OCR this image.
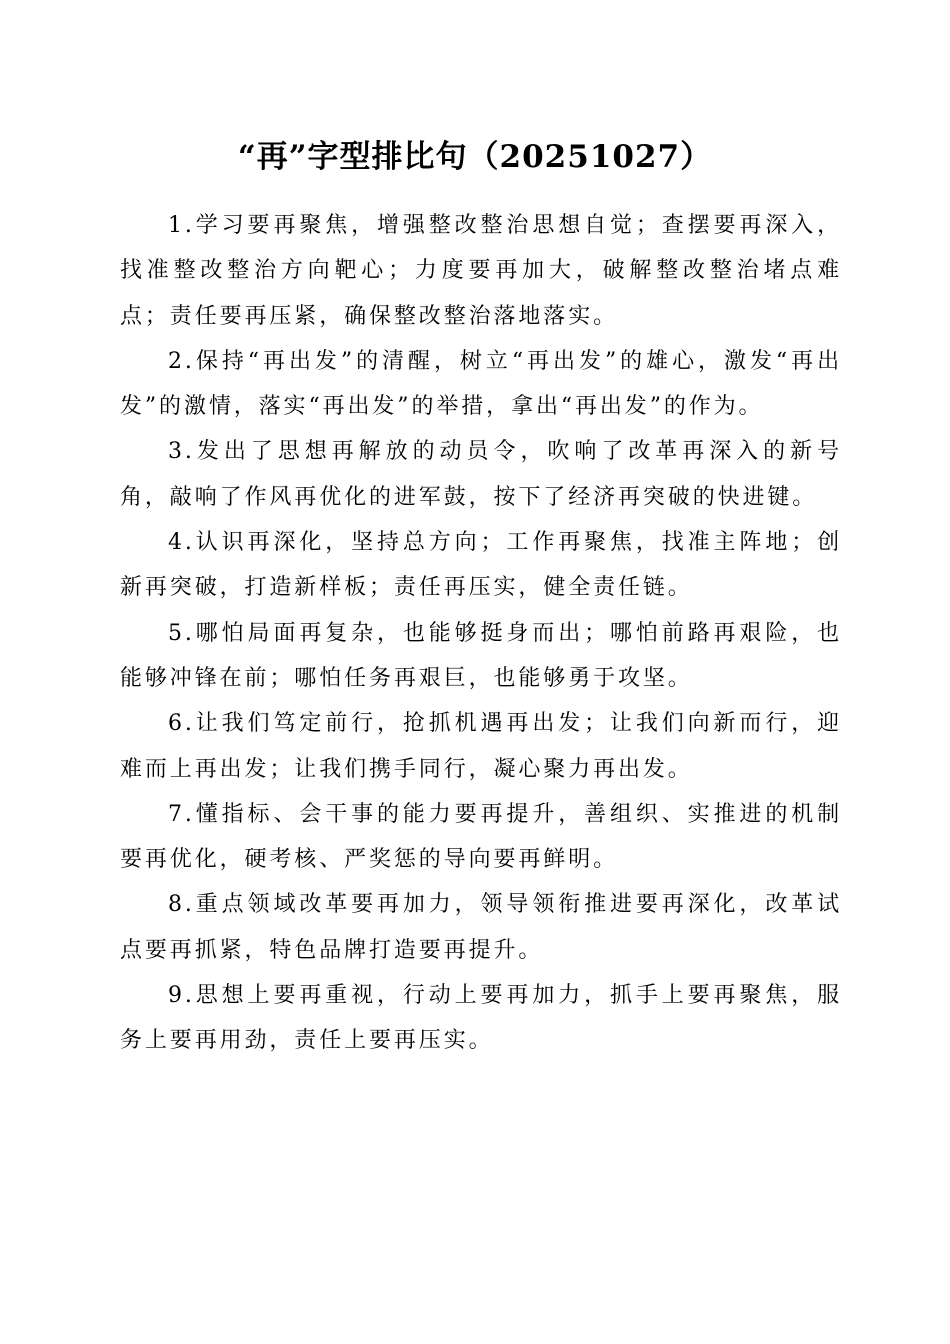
“再”字型排比句（20251027）

1.学习要再聚焦，增强整改整治思想自觉；查摆要再深入，找准整改整治方向靶心；力度要再加大，破解整改整治堵点难点；责任要再压紧，确保整改整治落地落实。

2.保持“再出发”的清醒，树立“再出发”的雄心，激发“再出发”的激情，落实“再出发”的举措，拿出“再出发”的作为。

3.发出了思想再解放的动员令，吹响了改革再深入的新号角，敲响了作风再优化的进军鼓，按下了经济再突破的快进键。

4.认识再深化，坚持总方向；工作再聚焦，找准主阵地；创新再突破，打造新样板；责任再压实，健全责任链。

5.哪怕局面再复杂，也能够挺身而出；哪怕前路再艰险，也能够冲锋在前；哪怕任务再艰巨，也能够勇于攻坚。

6.让我们笃定前行，抢抓机遇再出发；让我们向新而行，迎难而上再出发；让我们携手同行，凝心聚力再出发。

7.懂指标、会干事的能力要再提升，善组织、实推进的机制要再优化，硬考核、严奖惩的导向要再鲜明。

8.重点领域改革要再加力，领导领衔推进要再深化，改革试点要再抓紧，特色品牌打造要再提升。

9.思想上要再重视，行动上要再加力，抓手上要再聚焦，服务上要再用劲，责任上要再压实。
